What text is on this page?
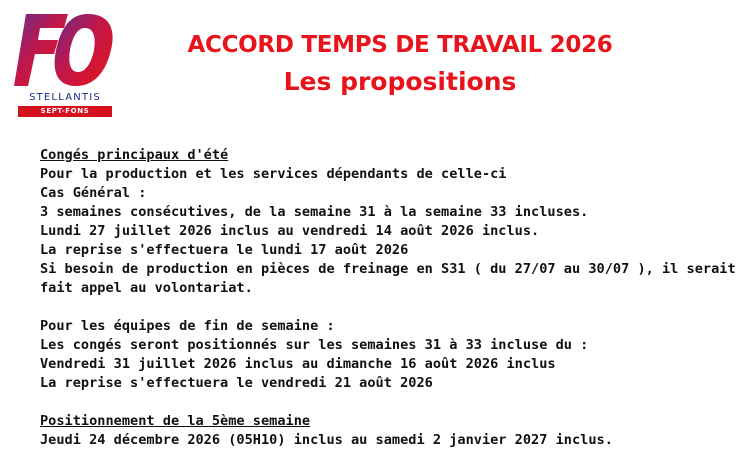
STELLANTIS
SEPT-FONS
ACCORD TEMPS DE TRAVAIL 2026
Les propositions
Congés principaux d'été
Pour la production et les services dépendants de celle-ci
Cas Général :
3 semaines consécutives, de la semaine 31 à la semaine 33 incluses.
Lundi 27 juillet 2026 inclus au vendredi 14 août 2026 inclus.
La reprise s'effectuera le lundi 17 août 2026
Si besoin de production en pièces de freinage en S31 ( du 27/07 au 30/07 ), il serait
fait appel au volontariat.
Pour les équipes de fin de semaine :
Les congés seront positionnés sur les semaines 31 à 33 incluse du :
Vendredi 31 juillet 2026 inclus au dimanche 16 août 2026 inclus
La reprise s'effectuera le vendredi 21 août 2026
Positionnement de la 5ème semaine
Jeudi 24 décembre 2026 (05H10) inclus au samedi 2 janvier 2027 inclus.
